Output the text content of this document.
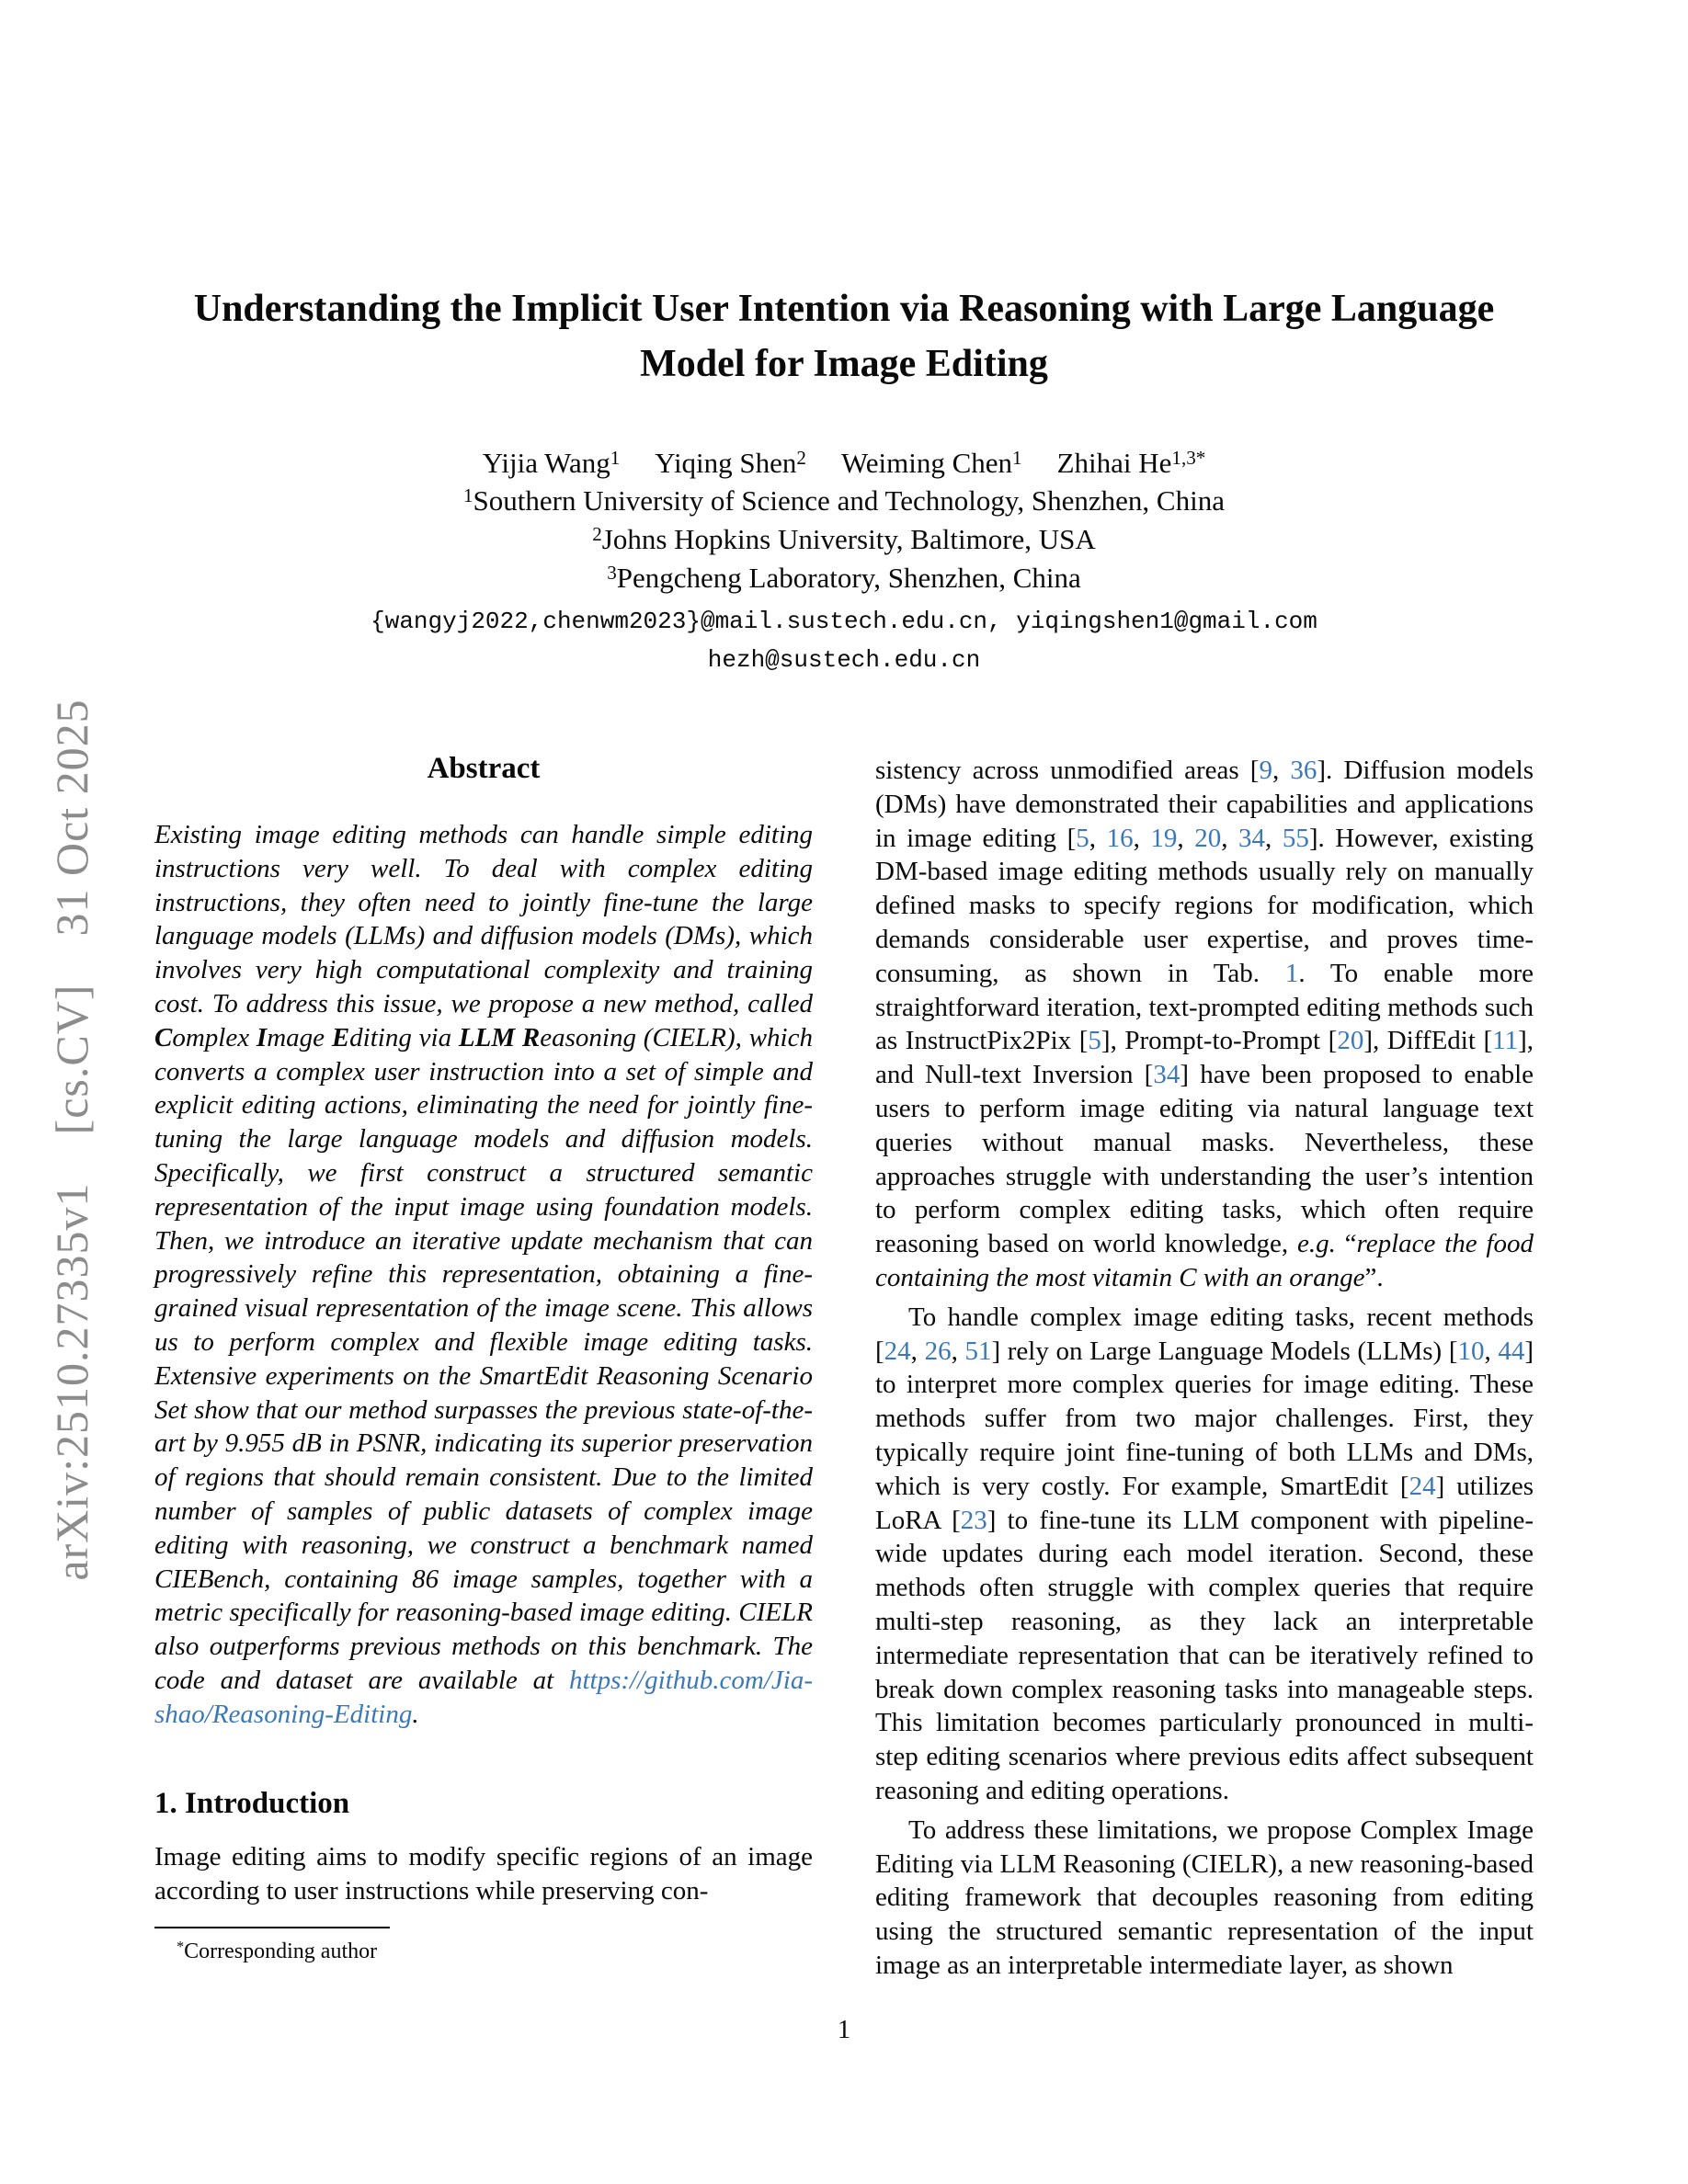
arXiv:2510.27335v1  [cs.CV]  31 Oct 2025
Understanding the Implicit User Intention via Reasoning with Large Language
Model for Image Editing
Yijia Wang$^1$ Yiqing Shen$^2$ Weiming Chen$^1$ Zhihai $He^{1,3*}$
$^1$Southern University of Science and Technology, Shenzhen, China
$^2$Johns Hopkins University, Baltimore, USA
$^3$Pengcheng Laboratory, Shenzhen, China
{wangyj2022,chenwm2023}@mail.sustech.edu.cn, yiqingshen1@gmail.com
hezh@sustech.edu.cn
Abstract
Existing image editing methods can handle simple editing instructions very well. To deal with complex editing instructions, they often need to jointly fine-tune the large language models (LLMs) and diffusion models (DMs), which involves very high computational complexity and training cost. To address this issue, we propose a new method, called Complex Image Editing via LLM Reasoning (CIELR), which converts a complex user instruction into a set of simple and explicit editing actions, eliminating the need for jointly fine-tuning the large language models and diffusion models. Specifically, we first construct a structured semantic representation of the input image using foundation models. Then, we introduce an iterative update mechanism that can progressively refine this representation, obtaining a fine-grained visual representation of the image scene. This allows us to perform complex and flexible image editing tasks. Extensive experiments on the SmartEdit Reasoning Scenario Set show that our method surpasses the previous state-of-the-art by 9.955 dB in PSNR, indicating its superior preservation of regions that should remain consistent. Due to the limited number of samples of public datasets of complex image editing with reasoning, we construct a benchmark named CIEBench, containing 86 image samples, together with a metric specifically for reasoning-based image editing. CIELR also outperforms previous methods on this benchmark. The code and dataset are available at https://github.com/Jia-shao/Reasoning-Editing.
1. Introduction
Image editing aims to modify specific regions of an image according to user instructions while preserving con-
*Corresponding author

sistency across unmodified areas [9, 36]. Diffusion models (DMs) have demonstrated their capabilities and applications in image editing [5, 16, 19, 20, 34, 55]. However, existing DM-based image editing methods usually rely on manually defined masks to specify regions for modification, which demands considerable user expertise, and proves time-consuming, as shown in Tab. 1. To enable more straightforward iteration, text-prompted editing methods such as InstructPix2Pix [5], Prompt-to-Prompt [20], DiffEdit [11], and Null-text Inversion [34] have been proposed to enable users to perform image editing via natural language text queries without manual masks. Nevertheless, these approaches struggle with understanding the user’s intention to perform complex editing tasks, which often require reasoning based on world knowledge, e.g. “replace the food containing the most vitamin C with an orange”.

To handle complex image editing tasks, recent methods [24, 26, 51] rely on Large Language Models (LLMs) [10, 44] to interpret more complex queries for image editing. These methods suffer from two major challenges. First, they typically require joint fine-tuning of both LLMs and DMs, which is very costly. For example, SmartEdit [24] utilizes LoRA [23] to fine-tune its LLM component with pipeline-wide updates during each model iteration. Second, these methods often struggle with complex queries that require multi-step reasoning, as they lack an interpretable intermediate representation that can be iteratively refined to break down complex reasoning tasks into manageable steps. This limitation becomes particularly pronounced in multi-step editing scenarios where previous edits affect subsequent reasoning and editing operations.

To address these limitations, we propose Complex Image Editing via LLM Reasoning (CIELR), a new reasoning-based editing framework that decouples reasoning from editing using the structured semantic representation of the input image as an interpretable intermediate layer, as shown

1
